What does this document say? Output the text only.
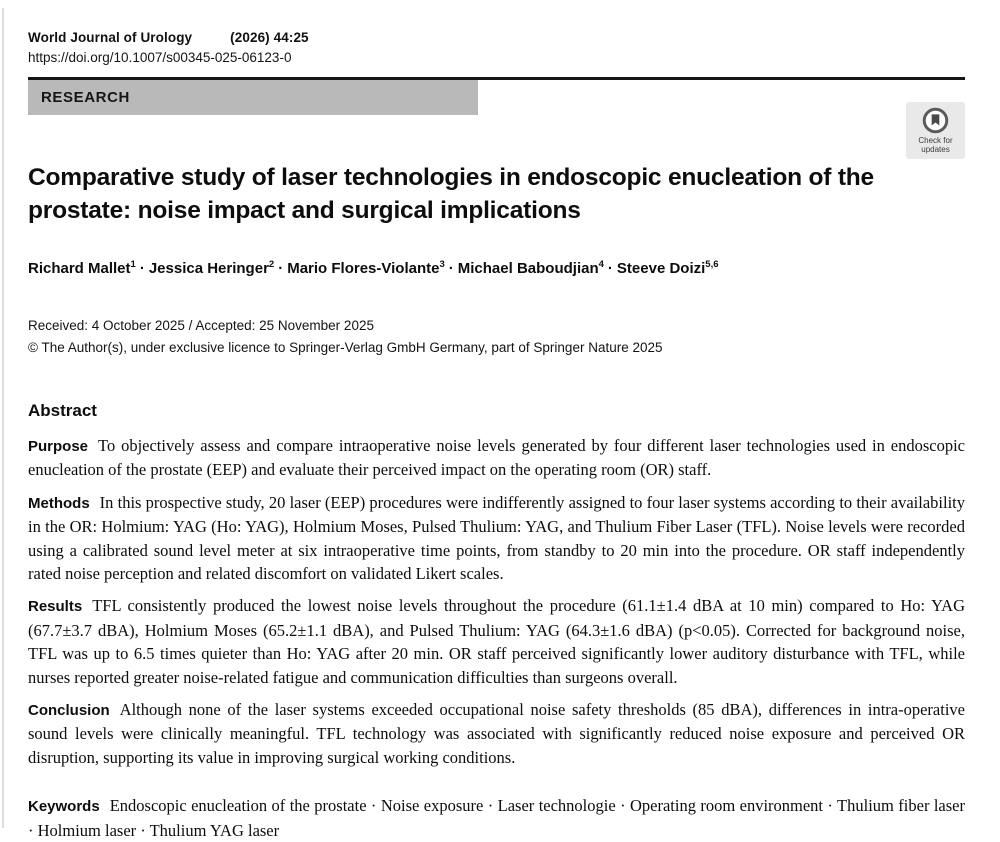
World Journal of Urology	(2026) 44:25
https://doi.org/10.1007/s00345-025-06123-0
RESEARCH
Check for
updates
Comparative study of laser technologies in endoscopic enucleation of the prostate: noise impact and surgical implications
Richard Mallet$^1$ · Jessica Heringer$^2$ · Mario Flores-Violante$^3$ · Michael Baboudjian$^4$ · Steeve Doizi$^{5,6}$
Received: 4 October 2025 / Accepted: 25 November 2025
© The Author(s), under exclusive licence to Springer-Verlag GmbH Germany, part of Springer Nature 2025
Abstract

Purpose To objectively assess and compare intraoperative noise levels generated by four different laser technologies used in endoscopic enucleation of the prostate (EEP) and evaluate their perceived impact on the operating room (OR) staff.

Methods In this prospective study, 20 laser (EEP) procedures were indifferently assigned to four laser systems according to their availability in the OR: Holmium: YAG (Ho: YAG), Holmium Moses, Pulsed Thulium: YAG, and Thulium Fiber Laser (TFL). Noise levels were recorded using a calibrated sound level meter at six intraoperative time points, from standby to 20 min into the procedure. OR staff independently rated noise perception and related discomfort on validated Likert scales.

Results TFL consistently produced the lowest noise levels throughout the procedure (61.1±1.4 dBA at 10 min) compared to Ho: YAG (67.7±3.7 dBA), Holmium Moses (65.2±1.1 dBA), and Pulsed Thulium: YAG (64.3±1.6 dBA) (p<0.05). Corrected for background noise, TFL was up to 6.5 times quieter than Ho: YAG after 20 min. OR staff perceived significantly lower auditory disturbance with TFL, while nurses reported greater noise-related fatigue and communication difficulties than surgeons overall.

Conclusion Although none of the laser systems exceeded occupational noise safety thresholds (85 dBA), differences in intra-operative sound levels were clinically meaningful. TFL technology was associated with significantly reduced noise exposure and perceived OR disruption, supporting its value in improving surgical working conditions.

Keywords Endoscopic enucleation of the prostate · Noise exposure · Laser technologie · Operating room environment · Thulium fiber laser · Holmium laser · Thulium YAG laser
